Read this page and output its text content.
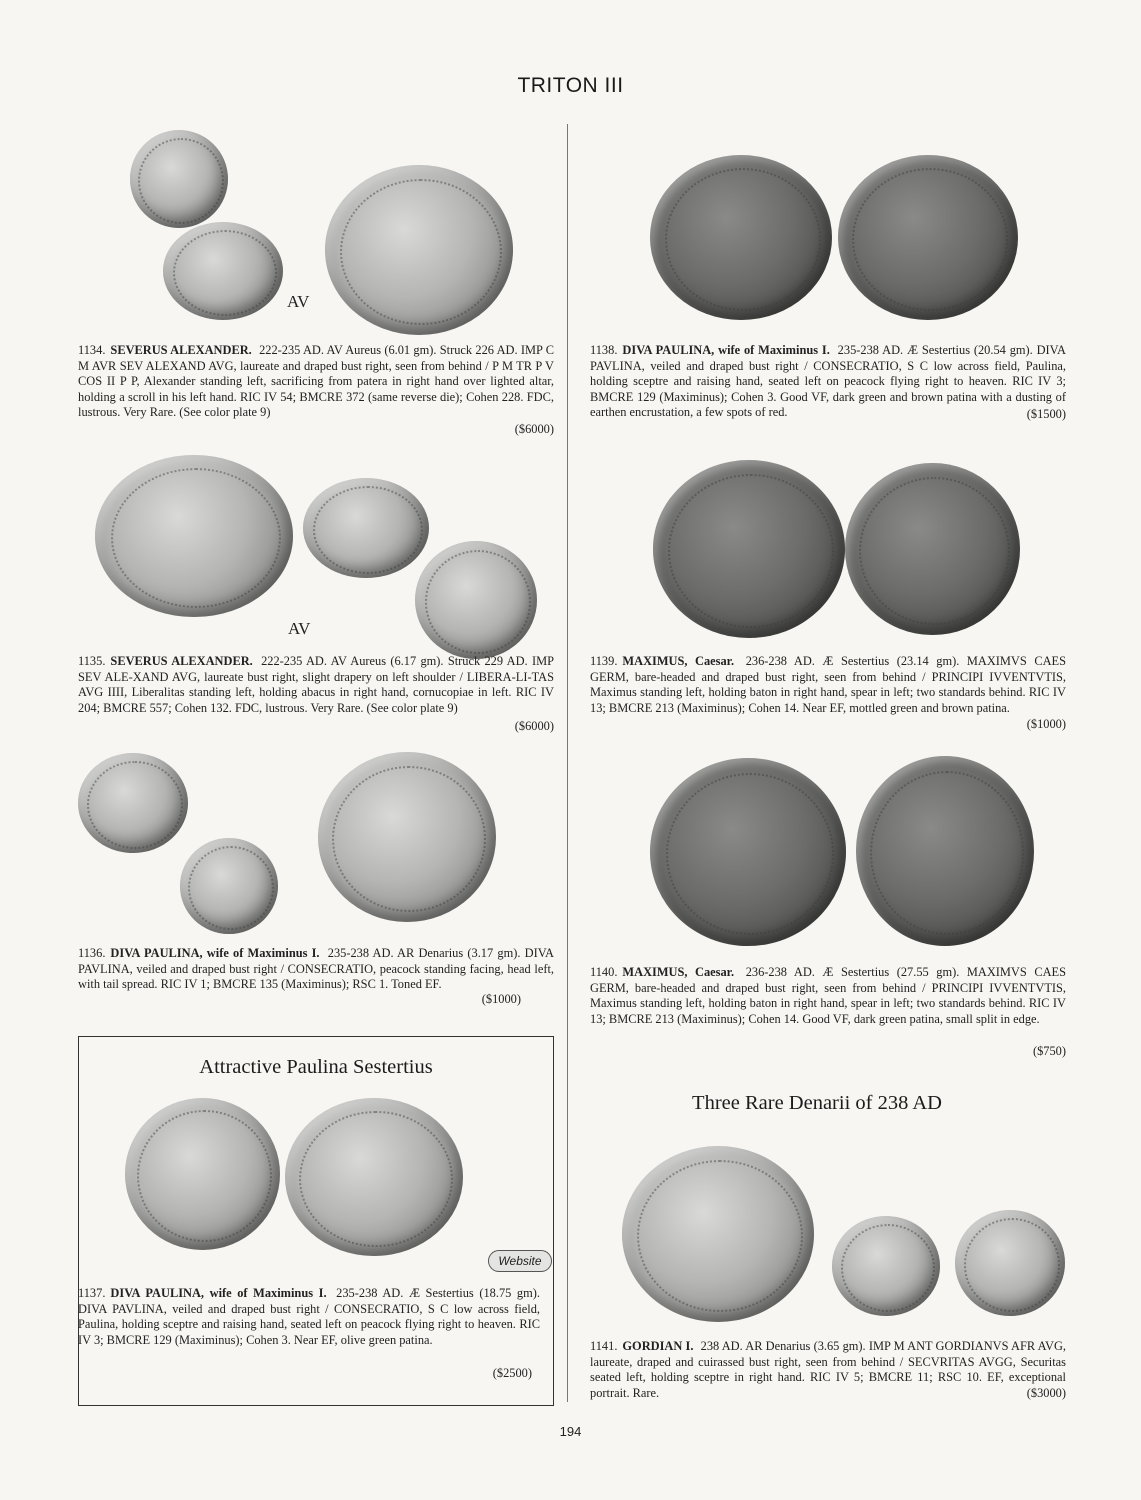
TRITON III
AV
1134. SEVERUS ALEXANDER. 222-235 AD. AV Aureus (6.01 gm). Struck 226 AD. IMP C M AVR SEV ALEXAND AVG, laureate and draped bust right, seen from behind / P M TR P V COS II P P, Alexander standing left, sacrificing from patera in right hand over lighted altar, holding a scroll in his left hand. RIC IV 54; BMCRE 372 (same reverse die); Cohen 228. FDC, lustrous. Very Rare. (See color plate 9)
($6000)
AV
1135. SEVERUS ALEXANDER. 222-235 AD. AV Aureus (6.17 gm). Struck 229 AD. IMP SEV ALE-XAND AVG, laureate bust right, slight drapery on left shoulder / LIBERA-LI-TAS AVG IIII, Liberalitas standing left, holding abacus in right hand, cornucopiae in left. RIC IV 204; BMCRE 557; Cohen 132. FDC, lustrous. Very Rare. (See color plate 9)
($6000)
1136. DIVA PAULINA, wife of Maximinus I. 235-238 AD. AR Denarius (3.17 gm). DIVA PAVLINA, veiled and draped bust right / CONSECRATIO, peacock standing facing, head left, with tail spread. RIC IV 1; BMCRE 135 (Maximinus); RSC 1. Toned EF.
($1000)
Attractive Paulina Sestertius
Website
1137. DIVA PAULINA, wife of Maximinus I. 235-238 AD. Æ Sestertius (18.75 gm). DIVA PAVLINA, veiled and draped bust right / CONSECRATIO, S C low across field, Paulina, holding sceptre and raising hand, seated left on peacock flying right to heaven. RIC IV 3; BMCRE 129 (Maximinus); Cohen 3. Near EF, olive green patina.
($2500)
1138. DIVA PAULINA, wife of Maximinus I. 235-238 AD. Æ Sestertius (20.54 gm). DIVA PAVLINA, veiled and draped bust right / CONSECRATIO, S C low across field, Paulina, holding sceptre and raising hand, seated left on peacock flying right to heaven. RIC IV 3; BMCRE 129 (Maximinus); Cohen 3. Good VF, dark green and brown patina with a dusting of earthen encrustation, a few spots of red.	($1500)
1139. MAXIMUS, Caesar. 236-238 AD. Æ Sestertius (23.14 gm). MAXIMVS CAES GERM, bare-headed and draped bust right, seen from behind / PRINCIPI IVVENTVTIS, Maximus standing left, holding baton in right hand, spear in left; two standards behind. RIC IV 13; BMCRE 213 (Maximinus); Cohen 14. Near EF, mottled green and brown patina.
($1000)
1140. MAXIMUS, Caesar. 236-238 AD. Æ Sestertius (27.55 gm). MAXIMVS CAES GERM, bare-headed and draped bust right, seen from behind / PRINCIPI IVVENTVTIS, Maximus standing left, holding baton in right hand, spear in left; two standards behind. RIC IV 13; BMCRE 213 (Maximinus); Cohen 14. Good VF, dark green patina, small split in edge.
($750)
Three Rare Denarii of 238 AD
1141. GORDIAN I. 238 AD. AR Denarius (3.65 gm). IMP M ANT GORDIANVS AFR AVG, laureate, draped and cuirassed bust right, seen from behind / SECVRITAS AVGG, Securitas seated left, holding sceptre in right hand. RIC IV 5; BMCRE 11; RSC 10. EF, exceptional portrait. Rare.	($3000)
194
